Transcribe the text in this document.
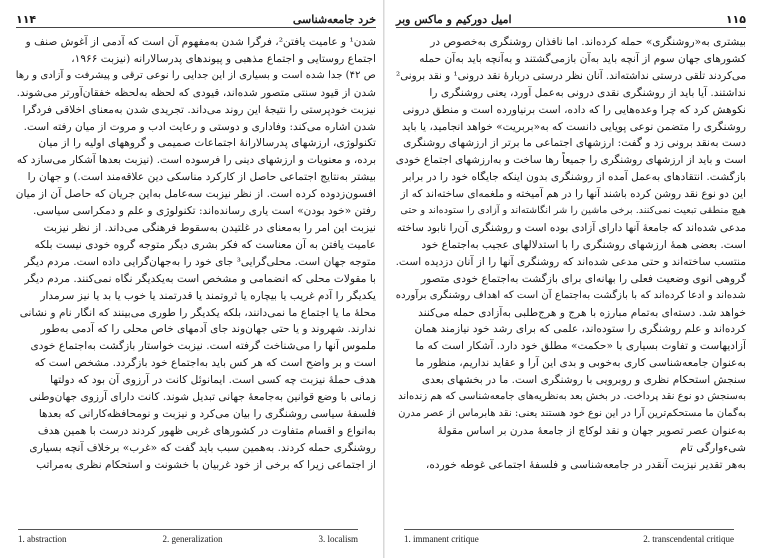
خرد جامعه‌شناسی
۱۱۴
شدن¹ و عامیت یافتن²، فرگرا شدن به‌مفهوم آن است که آدمی از آغوش صنف و
اجتماع روستایی و اجتماع مذهبی و پیوندهای پدرسالارانه (نیزبت ۱۹۶۶،
ص ۴۲) جدا شده است و بسیاری از این جدایی را نوعی ترقی و پیشرفت و آزادی و رها
شدن از قیود سنتی متصور شده‌اند، قیودی که لحظه به‌لحظه خفقان‌آورتر می‌شوند.
نیزبت خودپرستی را نتیجهٔ این روند می‌داند. تجریدی شدن به‌معنای اخلاقی فردگرا
شدن اشاره می‌کند: وفاداری و دوستی و رعایت ادب و مروت از میان رفته است.
تکنولوژی، ارزشهای پدرسالارانهٔ اجتماعات صمیمی و گروههای اولیه را از میان
برده، و معنویات و ارزشهای دینی را فرسوده است. (نیزبت بعدها آشکار می‌سازد که
بیشتر به‌نتایج اجتماعی حاصل از کارکرد مناسکی دین علاقه‌مند است.) و جهان را
افسون‌زدوده کرده است. از نظر نیزبت سه‌عامل به‌این جریان که حاصل آن از میان
رفتن «خود بودن» است یاری رسانده‌اند: تکنولوژی و علم و دمکراسی سیاسی.
نیزبت این امر را به‌معنای در غلتیدن به‌سقوط فرهنگی می‌داند. از نظر نیزبت
عامیت یافتن به آن معناست که فکر بشری دیگر متوجه گروه خودی نیست بلکه
متوجه جهان است. محلی‌گرایی³ جای خود را به‌جهان‌گرایی داده است. مردم دیگر
با مقولات محلی که انضمامی و مشخص است به‌یکدیگر نگاه نمی‌کنند. مردم دیگر
یکدیگر را آدم غریب یا بیچاره یا ثروتمند یا قدرتمند یا خوب یا بد یا نیز سرمدار
محلهٔ ما یا اجتماع ما نمی‌دانند، بلکه یکدیگر را طوری می‌بینند که انگار نام و نشانی
ندارند. شهروند و یا حتی جهان‌وند جای آدمهای خاص محلی را که آدمی به‌طور
ملموس آنها را می‌شناخت گرفته است. نیزبت خواستار بازگشت به‌اجتماع خودی
است و بر واضح است که هر کس باید به‌اجتماع خود بازگردد. مشخص است که
هدف حملهٔ نیزبت چه کسی است. ایمانوئل کانت در آرزوی آن بود که دولتها
زمانی با وضع قوانین به‌جامعهٔ جهانی تبدیل شوند. کانت دارای آرزوی جهان‌وطنی
فلسفهٔ سیاسی روشنگری را بیان می‌کرد و نیزبت و نومحافظه‌کارانی که بعدها
به‌انواع و اقسام متفاوت در کشورهای غربی ظهور کردند درست با همین هدف
روشنگری حمله کردند. به‌همین سبب باید گفت که «غرب» برخلاف آنچه بسیاری
از اجتماعی زیرا که برخی از خود غربیان با خشونت و استحکام نظری به‌مراتب
1. abstraction	2. generalization	3. localism
۱۱۵
امیل دورکیم و ماکس وبر
بیشتری به‌«روشنگری» حمله کرده‌اند. اما نافذان روشنگری به‌خصوص در
کشورهای جهان سوم از آنچه باید به‌آن بازمی‌گشتند و به‌آنچه باید به‌آن حمله
می‌کردند تلقی درستی نداشته‌اند. آنان نظر درستی دربارهٔ نقد درونی¹ و نقد برونی²
نداشتند. آیا باید از روشنگری نقدی درونی به‌عمل آورد، یعنی روشنگری را
نکوهش کرد که چرا وعده‌هایی را که داده، است برنیاورده است و منطق درونی
روشنگری را متضمن نوعی پویایی دانست که به‌«بربریت» خواهد انجامید، یا باید
دست به‌نقد برونی زد و گفت: ارزشهای اجتماعی ما برتر از ارزشهای روشنگری
است و باید از ارزشهای روشنگری را جمیعاً رها ساخت و به‌ارزشهای اجتماع خودی
بازگشت. انتقادهای به‌عمل آمده از روشنگری بدون اینکه جایگاه خود را در برابر
این دو نوع نقد روشن کرده باشند آنها را در هم آمیخته و ملغمه‌ای ساخته‌اند که از
هیچ منطقی تبعیت نمی‌کنند. برخی ماشین را شر انگاشته‌اند و آزادی را ستوده‌اند و حتی
مدعی شده‌اند که جامعهٔ آنها دارای آزادی بوده است و روشنگری آن‌را نابود ساخته
است. بعضی همهٔ ارزشهای روشنگری را با استدلالهای عجیب به‌اجتماع خود
منتسب ساخته‌اند و حتی مدعی شده‌اند که روشنگری آنها را از آنان دزدیده است.
گروهی انوی وضعیت فعلی را بهانه‌ای برای بازگشت به‌اجتماع خودی متصور
شده‌اند و ادعا کرده‌اند که با بازگشت به‌اجتماع آن است که اهداف روشنگری برآورده
خواهد شد. دسته‌ای به‌تمام مبارزه با هرج و هرج‌طلبی به‌آزادی حمله می‌کنند
کرده‌اند و علم روشنگری را ستوده‌اند، علمی که برای رشد خود نیازمند همان
آزادیهاست و تفاوت بسیاری با «حکمت» مطلق خود دارد. آشکار است که ما
به‌عنوان جامعه‌شناسی کاری به‌خوبی و بدی این آرا و عقاید نداریم، منظور ما
سنجش استحکام نظری و روبرویی با روشنگری است. ما در بخشهای بعدی
به‌سنجش دو نوع نقد پرداخت. در بخش بعد به‌نظریه‌های جامعه‌شناسی که هم زنده‌اند
به‌گمان ما مستحکم‌ترین آرا در این نوع خود هستند یعنی: نقد هابرماس از عصر مدرن
به‌عنوان عصر تصویر جهان و نقد لوکاچ از جامعهٔ مدرن بر اساس مقولهٔ
شیء‌وارگی تام
به‌هر تقدیر نیزبت آنقدر در جامعه‌شناسی و فلسفهٔ اجتماعی غوطه خورده،
1. immanent critique	2. transcendental critique
